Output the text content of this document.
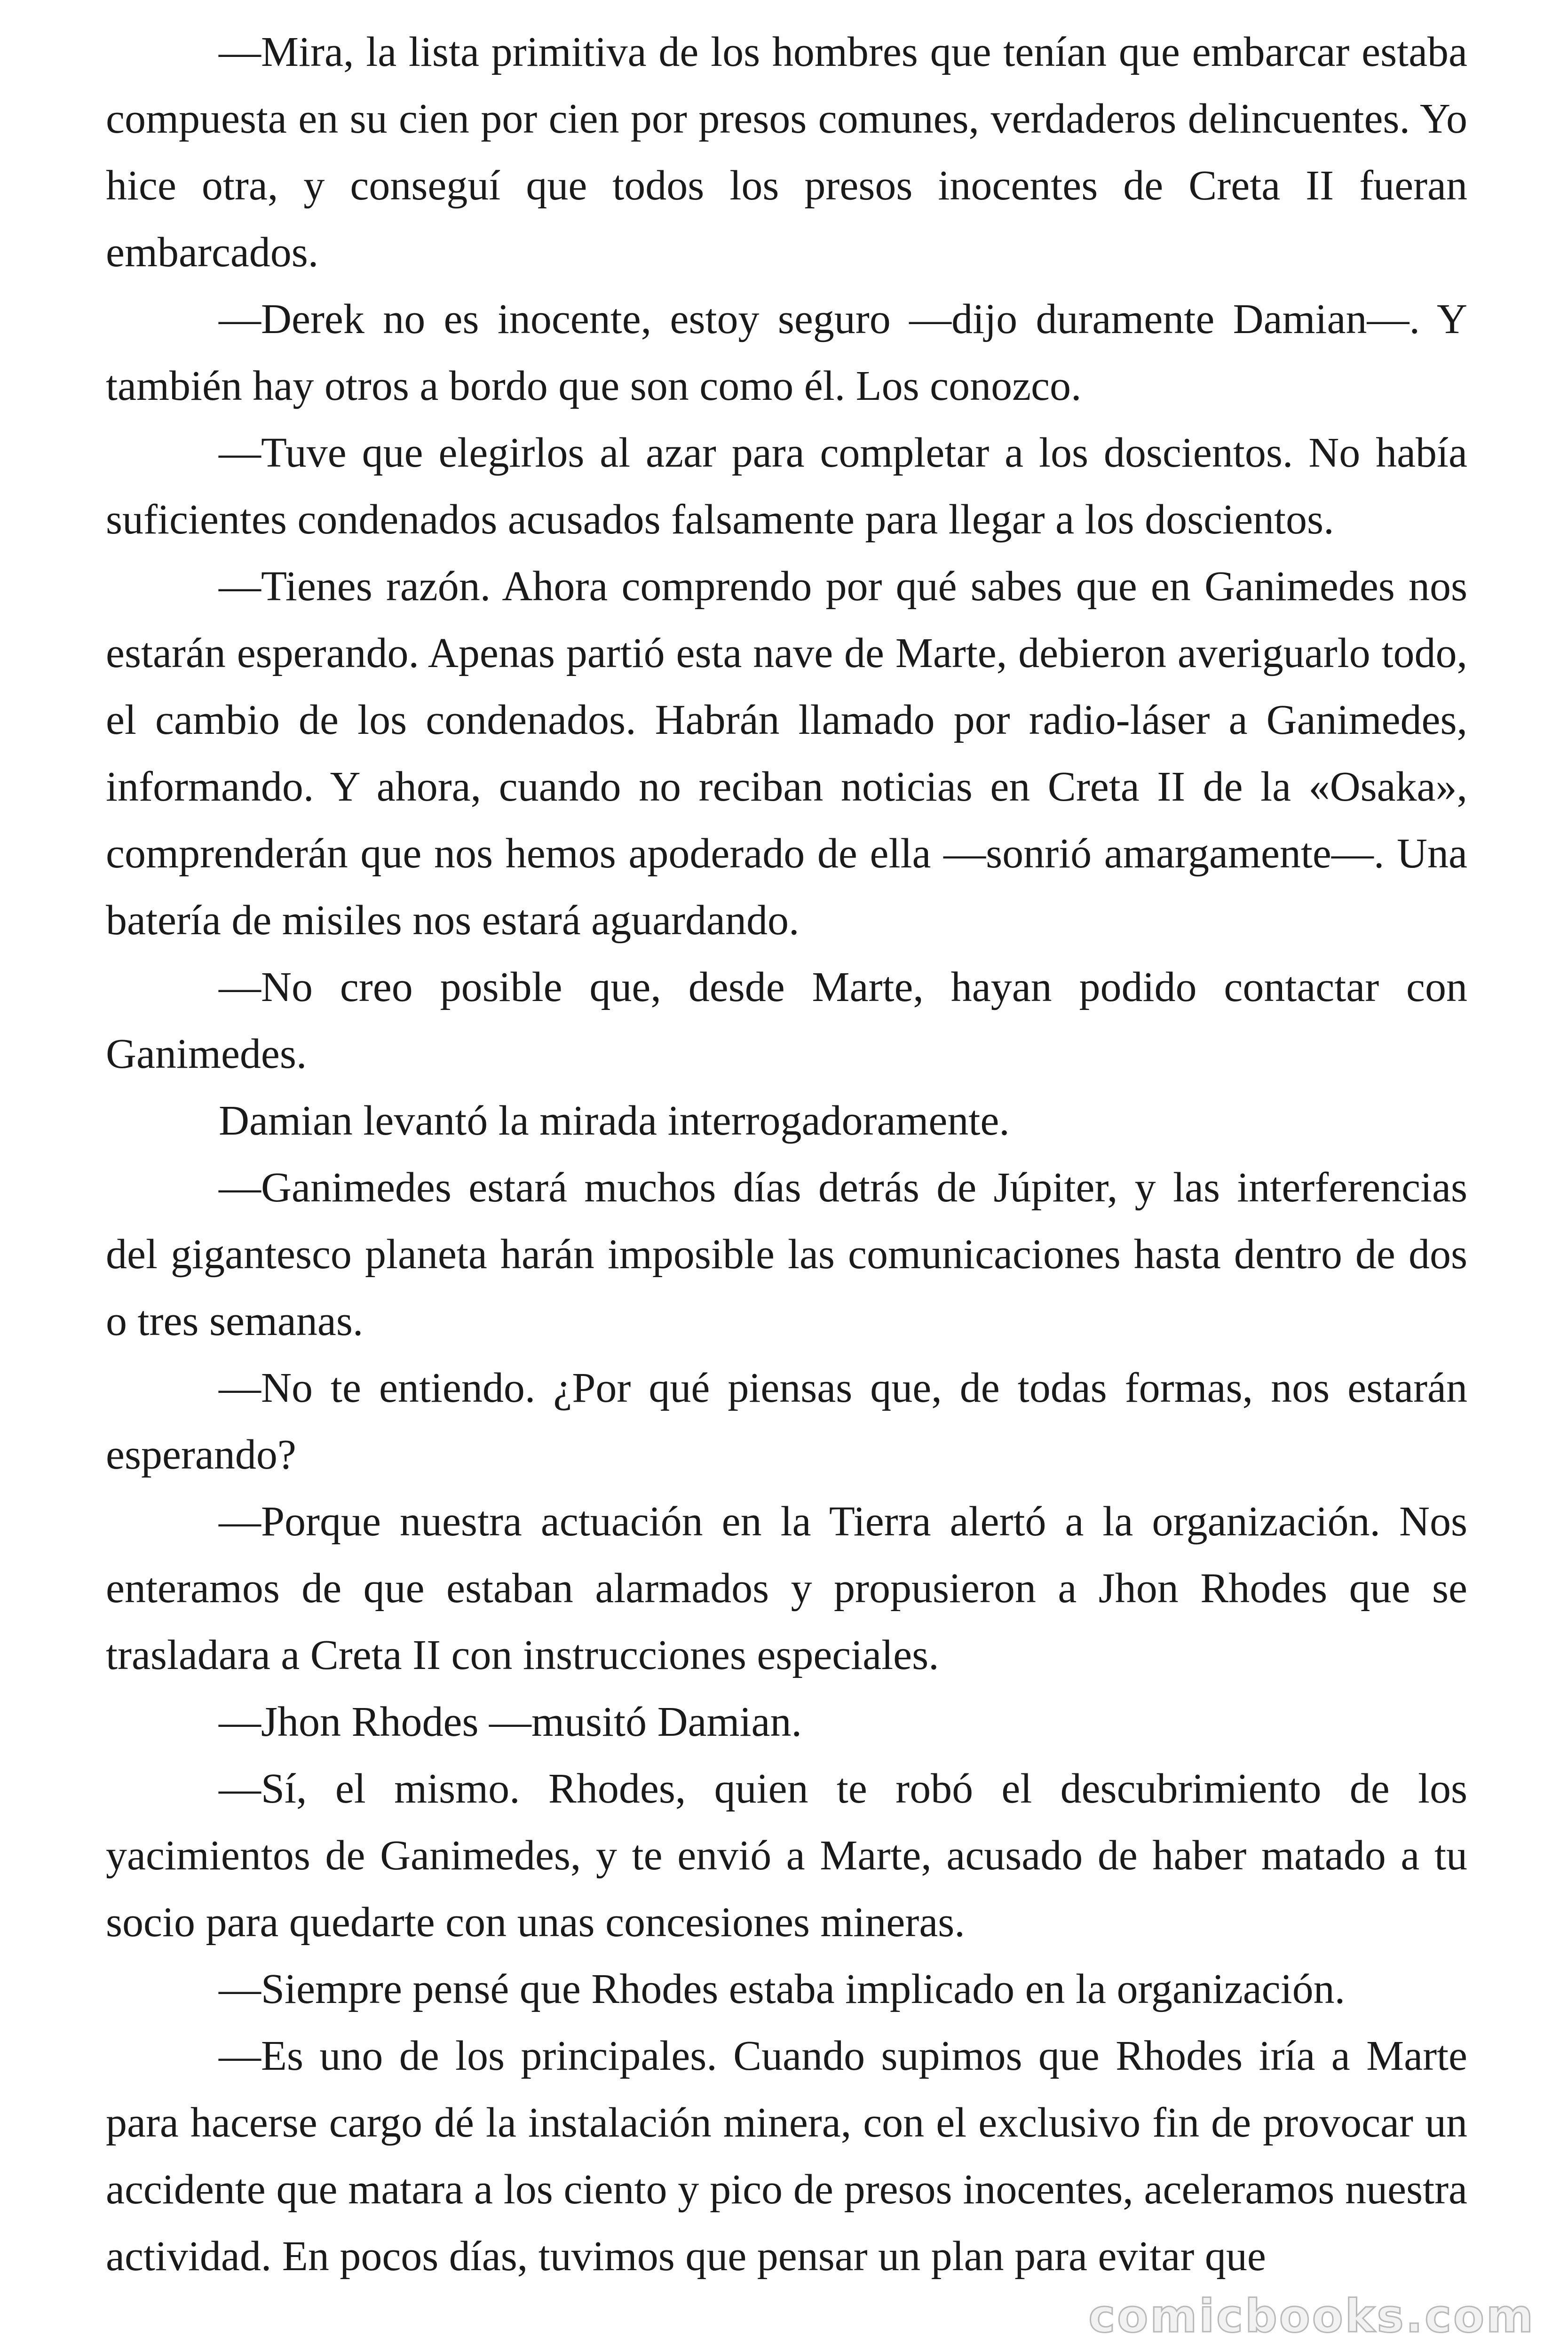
—Mira, la lista primitiva de los hombres que tenían que embarcar estaba compuesta en su cien por cien por presos comunes, verdaderos delincuentes. Yo hice otra, y conseguí que todos los presos inocentes de Creta II fueran embarcados.

—Derek no es inocente, estoy seguro —dijo duramente Damian—. Y también hay otros a bordo que son como él. Los conozco.

—Tuve que elegirlos al azar para completar a los doscientos. No había suficientes condenados acusados falsamente para llegar a los doscientos.

—Tienes razón. Ahora comprendo por qué sabes que en Ganimedes nos estarán esperando. Apenas partió esta nave de Marte, debieron averiguarlo todo, el cambio de los condenados. Habrán llamado por radio-láser a Ganimedes, informando. Y ahora, cuando no reciban noticias en Creta II de la «Osaka», comprenderán que nos hemos apoderado de ella —sonrió amargamente—. Una batería de misiles nos estará aguardando.

—No creo posible que, desde Marte, hayan podido contactar con Ganimedes.

Damian levantó la mirada interrogadoramente.

—Ganimedes estará muchos días detrás de Júpiter, y las interferencias del gigantesco planeta harán imposible las comunicaciones hasta dentro de dos o tres semanas.

—No te entiendo. ¿Por qué piensas que, de todas formas, nos estarán esperando?

—Porque nuestra actuación en la Tierra alertó a la organización. Nos enteramos de que estaban alarmados y propusieron a Jhon Rhodes que se trasladara a Creta II con instrucciones especiales.

—Jhon Rhodes —musitó Damian.

—Sí, el mismo. Rhodes, quien te robó el descubrimiento de los yacimientos de Ganimedes, y te envió a Marte, acusado de haber matado a tu socio para quedarte con unas concesiones mineras.

—Siempre pensé que Rhodes estaba implicado en la organización.

—Es uno de los principales. Cuando supimos que Rhodes iría a Marte para hacerse cargo dé la instalación minera, con el exclusivo fin de provocar un accidente que matara a los ciento y pico de presos inocentes, aceleramos nuestra actividad. En pocos días, tuvimos que pensar un plan para evitar que

comicbooks.com
